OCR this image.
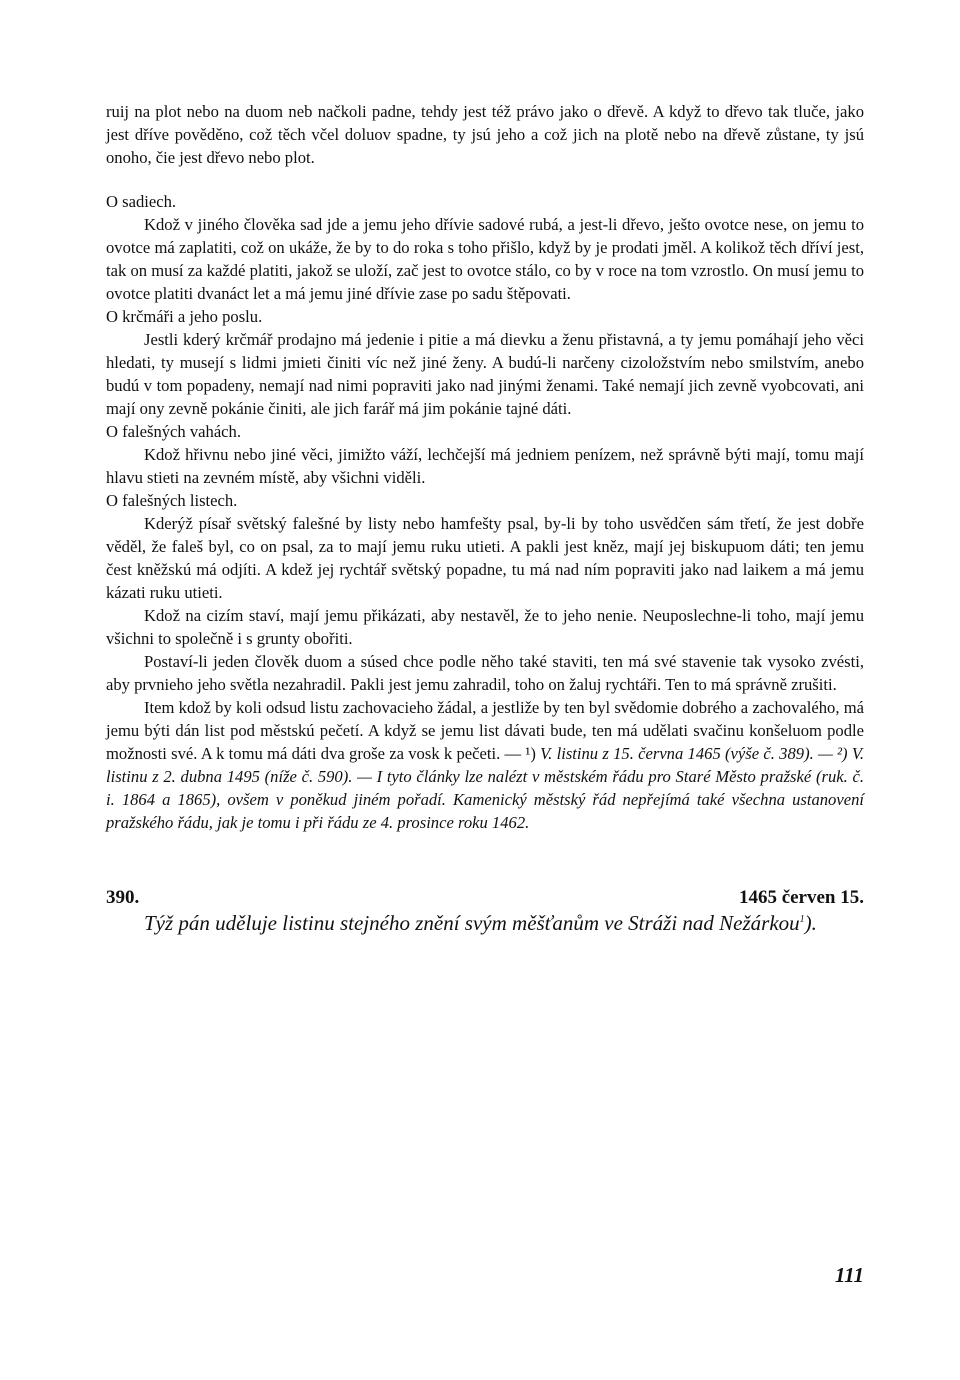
ruij na plot nebo na duom neb načkoli padne, tehdy jest též právo jako o dřevě. A když to dřevo tak tluče, jako jest dříve pověděno, což těch včel doluov spadne, ty jsú jeho a což jich na plotě nebo na dřevě zůstane, ty jsú onoho, čie jest dřevo nebo plot.

O sadiech.

Kdož v jiného člověka sad jde a jemu jeho dřívie sadové rubá, a jest-li dřevo, ješto ovotce nese, on jemu to ovotce má zaplatiti, což on ukáže, že by to do roka s toho přišlo, když by je prodati jměl. A kolikož těch dříví jest, tak on musí za každé platiti, jakož se uloží, zač jest to ovotce stálo, co by v roce na tom vzrostlo. On musí jemu to ovotce platiti dvanáct let a má jemu jiné dřívie zase po sadu štěpovati.

O krčmáři a jeho poslu.

Jestli kderý krčmář prodajno má jedenie i pitie a má dievku a ženu přistavná, a ty jemu pomáhají jeho věci hledati, ty musejí s lidmi jmieti činiti víc než jiné ženy. A budú-li narčeny cizoložstvím nebo smilstvím, anebo budú v tom popadeny, nemají nad nimi popraviti jako nad jinými ženami. Také nemají jich zevně vyobcovati, ani mají ony zevně pokánie činiti, ale jich farář má jim pokánie tajné dáti.

O falešných vahách.

Kdož hřivnu nebo jiné věci, jimižto váží, lechčejší má jedniem penízem, než správně býti mají, tomu mají hlavu stieti na zevném místě, aby všichni viděli.

O falešných listech.

Kderýž písař světský falešné by listy nebo hamfešty psal, by-li by toho usvědčen sám třetí, že jest dobře věděl, že faleš byl, co on psal, za to mají jemu ruku utieti. A pakli jest kněz, mají jej biskupuom dáti; ten jemu čest kněžskú má odjíti. A kdež jej rychtář světský popadne, tu má nad ním popraviti jako nad laikem a má jemu kázati ruku utieti.

Kdož na cizím staví, mají jemu přikázati, aby nestavěl, že to jeho nenie. Neuposlechne-li toho, mají jemu všichni to společně i s grunty obořiti.

Postaví-li jeden člověk duom a súsed chce podle něho také staviti, ten má své stavenie tak vysoko zvésti, aby prvnieho jeho světla nezahradil. Pakli jest jemu zahradil, toho on žaluj rychtáři. Ten to má správně zrušiti.

Item kdož by koli odsud listu zachovacieho žádal, a jestliže by ten byl svědomie dobrého a zachovalého, má jemu býti dán list pod městskú pečetí. A když se jemu list dávati bude, ten má udělati svačinu konšeluom podle možnosti své. A k tomu má dáti dva groše za vosk k pečeti. — ¹) V. listinu z 15. června 1465 (výše č. 389). — ²) V. listinu z 2. dubna 1495 (níže č. 590). — I tyto články lze nalézt v městském řádu pro Staré Město pražské (ruk. č. i. 1864 a 1865), ovšem v poněkud jiném pořadí. Kamenický městský řád nepřejímá také všechna ustanovení pražského řádu, jak je tomu i při řádu ze 4. prosince roku 1462.

390.	1465 červen 15.

Týž pán uděluje listinu stejného znění svým měšťanům ve Stráži nad Nežárkou$^1$).

111
